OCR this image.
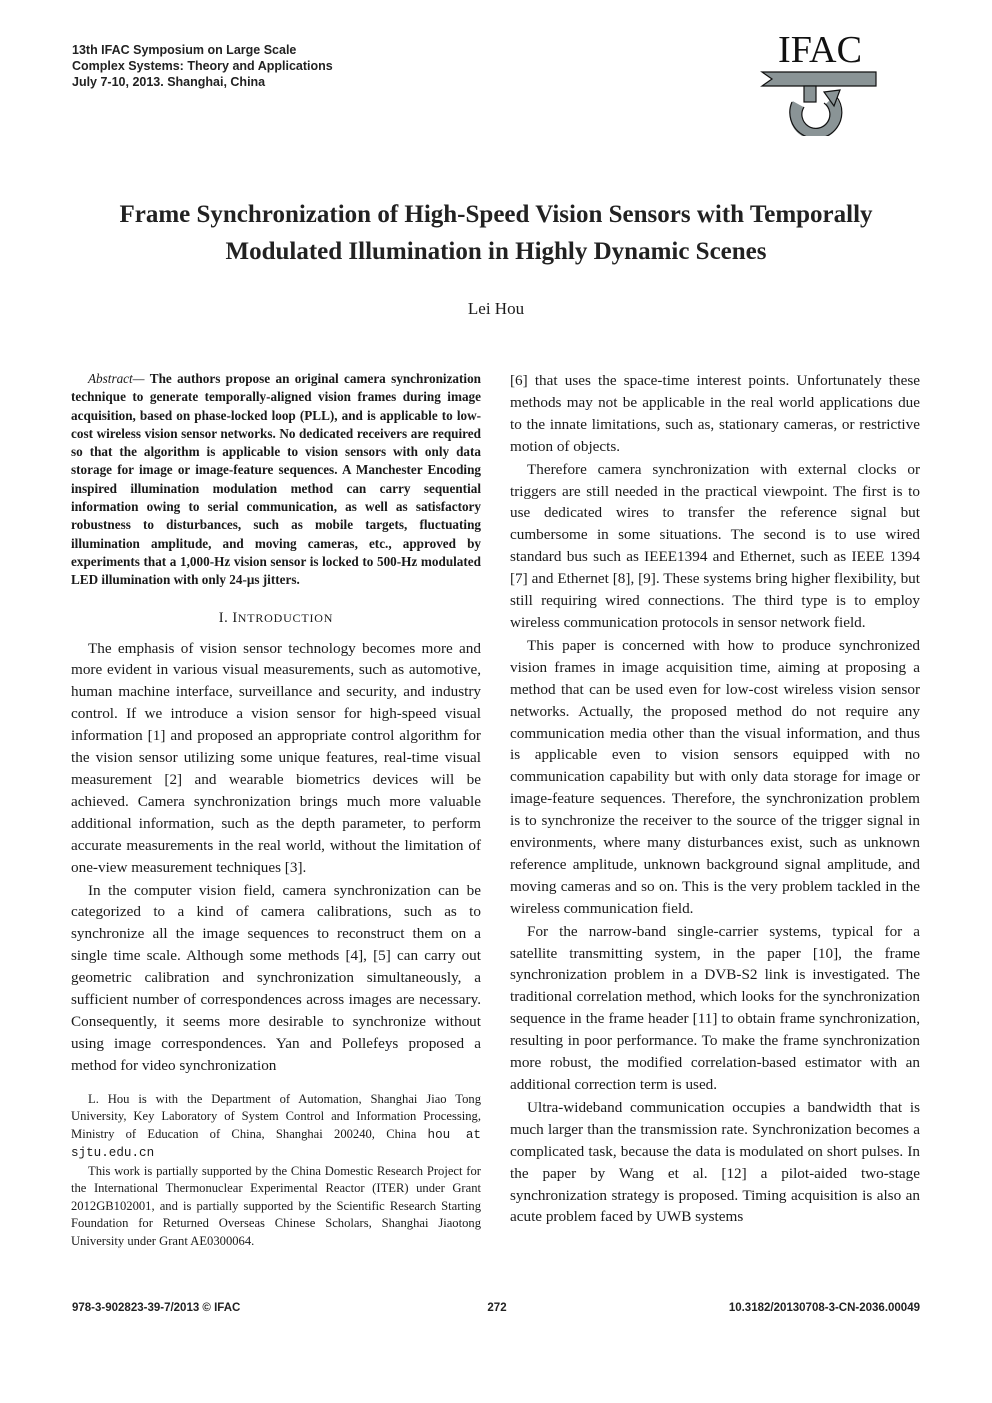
13th IFAC Symposium on Large Scale
Complex Systems: Theory and Applications
July 7-10, 2013. Shanghai, China
IFAC
Frame Synchronization of High-Speed Vision Sensors with Temporally Modulated Illumination in Highly Dynamic Scenes
Lei Hou

Abstract— The authors propose an original camera synchronization technique to generate temporally-aligned vision frames during image acquisition, based on phase-locked loop (PLL), and is applicable to low-cost wireless vision sensor networks. No dedicated receivers are required so that the algorithm is applicable to vision sensors with only data storage for image or image-feature sequences. A Manchester Encoding inspired illumination modulation method can carry sequential information owing to serial communication, as well as satisfactory robustness to disturbances, such as mobile targets, fluctuating illumination amplitude, and moving cameras, etc., approved by experiments that a 1,000-Hz vision sensor is locked to 500-Hz modulated LED illumination with only 24-μs jitters.

I. INTRODUCTION

The emphasis of vision sensor technology becomes more and more evident in various visual measurements, such as automotive, human machine interface, surveillance and security, and industry control. If we introduce a vision sensor for high-speed visual information [1] and proposed an appropriate control algorithm for the vision sensor utilizing some unique features, real-time visual measurement [2] and wearable biometrics devices will be achieved. Camera synchronization brings much more valuable additional information, such as the depth parameter, to perform accurate measurements in the real world, without the limitation of one-view measurement techniques [3].

In the computer vision field, camera synchronization can be categorized to a kind of camera calibrations, such as to synchronize all the image sequences to reconstruct them on a single time scale. Although some methods [4], [5] can carry out geometric calibration and synchronization simultaneously, a sufficient number of correspondences across images are necessary. Consequently, it seems more desirable to synchronize without using image correspondences. Yan and Pollefeys proposed a method for video synchronization

L. Hou is with the Department of Automation, Shanghai Jiao Tong University, Key Laboratory of System Control and Information Processing, Ministry of Education of China, Shanghai 200240, China hou at sjtu.edu.cn

This work is partially supported by the China Domestic Research Project for the International Thermonuclear Experimental Reactor (ITER) under Grant 2012GB102001, and is partially supported by the Scientific Research Starting Foundation for Returned Overseas Chinese Scholars, Shanghai Jiaotong University under Grant AE0300064.

[6] that uses the space-time interest points. Unfortunately these methods may not be applicable in the real world applications due to the innate limitations, such as, stationary cameras, or restrictive motion of objects.

Therefore camera synchronization with external clocks or triggers are still needed in the practical viewpoint. The first is to use dedicated wires to transfer the reference signal but cumbersome in some situations. The second is to use wired standard bus such as IEEE1394 and Ethernet, such as IEEE 1394 [7] and Ethernet [8], [9]. These systems bring higher flexibility, but still requiring wired connections. The third type is to employ wireless communication protocols in sensor network field.

This paper is concerned with how to produce synchronized vision frames in image acquisition time, aiming at proposing a method that can be used even for low-cost wireless vision sensor networks. Actually, the proposed method do not require any communication media other than the visual information, and thus is applicable even to vision sensors equipped with no communication capability but with only data storage for image or image-feature sequences. Therefore, the synchronization problem is to synchronize the receiver to the source of the trigger signal in environments, where many disturbances exist, such as unknown reference amplitude, unknown background signal amplitude, and moving cameras and so on. This is the very problem tackled in the wireless communication field.

For the narrow-band single-carrier systems, typical for a satellite transmitting system, in the paper [10], the frame synchronization problem in a DVB-S2 link is investigated. The traditional correlation method, which looks for the synchronization sequence in the frame header [11] to obtain frame synchronization, resulting in poor performance. To make the frame synchronization more robust, the modified correlation-based estimator with an additional correction term is used.

Ultra-wideband communication occupies a bandwidth that is much larger than the transmission rate. Synchronization becomes a complicated task, because the data is modulated on short pulses. In the paper by Wang et al. [12] a pilot-aided two-stage synchronization strategy is proposed. Timing acquisition is also an acute problem faced by UWB systems

978-3-902823-39-7/2013 © IFAC	272	10.3182/20130708-3-CN-2036.00049
